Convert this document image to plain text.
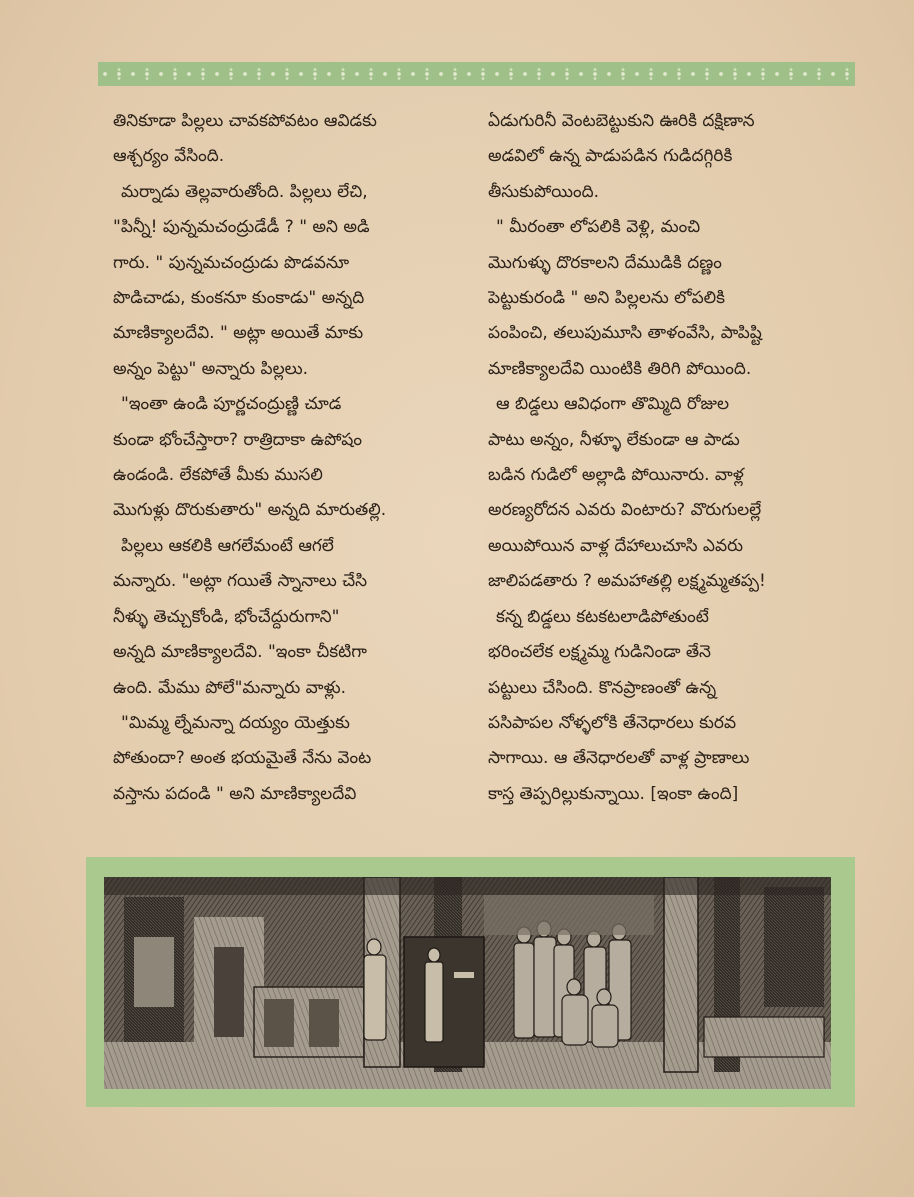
తినికూడా పిల్లలు చావకపోవటం ఆవిడకు

ఆశ్చర్యం వేసింది.

మర్నాడు తెల్లవారుతోంది. పిల్లలు లేచి,

"పిన్నీ! పున్నమచంద్రుడేడీ ? " అని అడి

గారు. " పున్నమచంద్రుడు పొడవనూ

పొడిచాడు, కుంకనూ కుంకాడు" అన్నది

మాణిక్యాలదేవి. " అట్లా అయితే మాకు

అన్నం పెట్టు" అన్నారు పిల్లలు.

"ఇంతా ఉండి పూర్ణచంద్రుణ్ణి చూడ

కుండా భోంచేస్తారా? రాత్రిదాకా ఉపోషం

ఉండండి. లేకపోతే మీకు ముసలి

మొగుళ్లు దొరుకుతారు" అన్నది మారుతల్లి.

పిల్లలు ఆకలికి ఆగలేమంటే ఆగలే

మన్నారు. "అట్లా గయితే స్నానాలు చేసి

నీళ్ళు తెచ్చుకోండి, భోంచేద్దురుగాని"

అన్నది మాణిక్యాలదేవి. "ఇంకా చీకటిగా

ఉంది. మేము పోలే"మన్నారు వాళ్లు.

"మిమ్మ ల్నేమన్నా దయ్యం యెత్తుకు

పోతుందా? అంత భయమైతే నేను వెంట

వస్తాను పదండి " అని మాణిక్యాలదేవి

ఏడుగురినీ వెంటబెట్టుకుని ఊరికి దక్షిణాన

అడవిలో ఉన్న పాడుపడిన గుడిదగ్గిరికి

తీసుకుపోయింది.

" మీరంతా లోపలికి వెళ్లి, మంచి

మొగుళ్ళు దొరకాలని దేముడికి దణ్ణం

పెట్టుకురండి " అని పిల్లలను లోపలికి

పంపించి, తలుపుమూసి తాళంవేసి, పాపిష్టి

మాణిక్యాలదేవి యింటికి తిరిగి పోయింది.

ఆ బిడ్డలు ఆవిధంగా తొమ్మిది రోజుల

పాటు అన్నం, నీళ్ళూ లేకుండా ఆ పాడు

బడిన గుడిలో అల్లాడి పోయినారు. వాళ్ల

అరణ్యరోదన ఎవరు వింటారు? వొరుగులల్లే

అయిపోయిన వాళ్ల దేహాలుచూసి ఎవరు

జాలిపడతారు ? అమహాతల్లి లక్ష్మమ్మతప్ప!

కన్న బిడ్డలు కటకటలాడిపోతుంటే

భరించలేక లక్ష్మమ్మ గుడినిండా తేనె

పట్టులు చేసింది. కొనప్రాణంతో ఉన్న

పసిపాపల నోళ్ళలోకి తేనెధారలు కురవ

సాగాయి. ఆ తేనెధారలతో వాళ్ల ప్రాణాలు

కాస్త తెప్పరిల్లుకున్నాయి. [ఇంకా ఉంది]
